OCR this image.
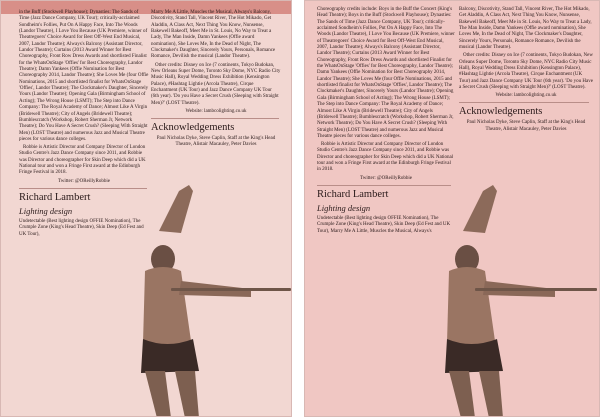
in the Buff (Stockwell Playhouse); Dynasties: The Sands of Time (Jazz Dance Company, UK Tour); critically-acclaimed Sondheim's Follies, Put On A Happy Face, Into The Woods (Landor Theatre), I Love You Because (UK Premiere, winner of Theatregoers' Choice Award for Best Off-West End Musical, 2007, Landor Theatre); Always's Balcony (Assistant Director, Landor Theatre); Curtains (2013 Award Winner for Best Choreography, Front Row Dress Awards and shortlisted Finalist for the WhatsOnStage 'Offies' for Best Choreography, Landor Theatre); Damn Yankees (Offie Nomination for Best Choreography 2014, Landor Theatre); She Loves Me (four Offie Nominations, 2015 and shortlisted finalist for WhatsOnStage 'Offies', Landor Theatre); The Clockmaker's Daughter, Sincerely Yours (Landor Theatre); Opening Gala (Birmingham School of Acting); The Wrong House (LSMT); The Step into Dance Company: The Royal Academy of Dance; Almost Like A Virgin (Bridewell Theatre); City of Angels (Bridewell Theatre); Bumblescratch (Workshop, Robert Sherman Jr, Network Theatre); Do You Have A Secret Crush? (Sleeping With Straight Men) (LOST Theatre) and numerous Jazz and Musical Theatre pieces for various dance colleges.

Robbie is Artistic Director and Company Director of London Studio Centre's Jazz Dance Company since 2011, and Robbie was Director and choreographer for Skin Deep which did a UK National tour and won a Fringe First award at the Edinburgh Fringe Festival in 2018.

Twitter: @OReillyRobbie

Richard Lambert
Lighting design

Undetectable (Best lighting design OFFIE Nomination), The Crumple Zone (King's Head Theatre), Skin Deep (Ed Fest and UK Tour),

Marry Me A Little, Muscles the Musical, Always's Balcony, Discotivity, Stand Tall, Vincent River, The Hot Mikado, Get Aladdin, A Class Act, Next Thing You Know, Nunsense, Bakewell Bakeoff, Meet Me in St. Louis, No Way to Treat a Lady, The Man Inside, Damn Yankees (Offie award nomination), She Loves Me, In the Dead of Night, The Clockmaker's Daughter, Sincerely Yours, Personals, Romance Romance, Devilish the musical (Landor Theatre).

Other credits: Disney on Ice (7 continents, Tokyo Budokan, New Orleans Super Dome, Toronto Sky Dome, NYC Radio City Music Hall), Royal Wedding Dress Exhibition (Kensington Palace), #Hashtag Lightie (Arcola Theatre), Cirque Enchantment (UK Tour) and Jazz Dance Company UK Tour (6th year). 'Do you Have a Secret Crush (Sleeping with Straight Men)?' (LOST Theatre).

Website: lambcolighting.co.uk

Acknowledgements

Paul Nicholas Dyke, Steve Caplin, Staff at the King's Head Theatre, Alistair Macauley, Peter Davies

Choreography credits include: Boys in the Buff the Concert (King's Head Theatre); Boys in the Buff (Stockwell Playhouse); Dynasties: The Sands of Time (Jazz Dance Company, UK Tour); critically-acclaimed Sondheim's Follies, Put On A Happy Face, Into The Woods (Landor Theatre), I Love You Because (UK Premiere, winner of Theatregoers' Choice Award for Best Off-West End Musical, 2007, Landor Theatre); Always's Balcony (Assistant Director, Landor Theatre); Curtains (2013 Award Winner for Best Choreography, Front Row Dress Awards and shortlisted Finalist for the WhatsOnStage 'Offies' for Best Choreography, Landor Theatre); Damn Yankees (Offie Nomination for Best Choreography 2014, Landor Theatre); She Loves Me (four Offie Nominations, 2015 and shortlisted finalist for WhatsOnStage 'Offies', Landor Theatre); The Clockmaker's Daughter, Sincerely Yours (Landor Theatre); Opening Gala (Birmingham School of Acting); The Wrong House (LSMT); The Step into Dance Company: The Royal Academy of Dance; Almost Like A Virgin (Bridewell Theatre); City of Angels (Bridewell Theatre); Bumblescratch (Workshop, Robert Sherman Jr, Network Theatre); Do You Have A Secret Crush? (Sleeping With Straight Men) (LOST Theatre) and numerous Jazz and Musical Theatre pieces for various dance colleges.

Robbie is Artistic Director and Company Director of London Studio Centre's Jazz Dance Company since 2011, and Robbie was Director and choreographer for Skin Deep which did a UK National tour and won a Fringe First award at the Edinburgh Fringe Festival in 2018.

Twitter: @OReillyRobbie

Richard Lambert
Lighting design

Undetectable (Best lighting design OFFIE Nomination), The Crumple Zone (King's Head Theatre), Skin Deep (Ed Fest and UK Tour), Marry Me A Little, Muscles the Musical, Always's

Balcony, Discotivity, Stand Tall, Vincent River, The Hot Mikado, Get Aladdin, A Class Act, Next Thing You Know, Nunsense, Bakewell Bakeoff, Meet Me in St. Louis, No Way to Treat a Lady, The Man Inside, Damn Yankees (Offie award nomination), She Loves Me, In the Dead of Night, The Clockmaker's Daughter, Sincerely Yours, Personals, Romance Romance, Devilish the musical (Landor Theatre).

Other credits: Disney on Ice (7 continents, Tokyo Budokan, New Orleans Super Dome, Toronto Sky Dome, NYC Radio City Music Hall), Royal Wedding Dress Exhibition (Kensington Palace), #Hashtag Lightie (Arcola Theatre), Cirque Enchantment (UK Tour) and Jazz Dance Company UK Tour (6th year). 'Do you Have a Secret Crush (Sleeping with Straight Men)?' (LOST Theatre).

Website: lambcolighting.co.uk

Acknowledgements

Paul Nicholas Dyke, Steve Caplin, Staff at the King's Head Theatre, Alistair Macauley, Peter Davies
